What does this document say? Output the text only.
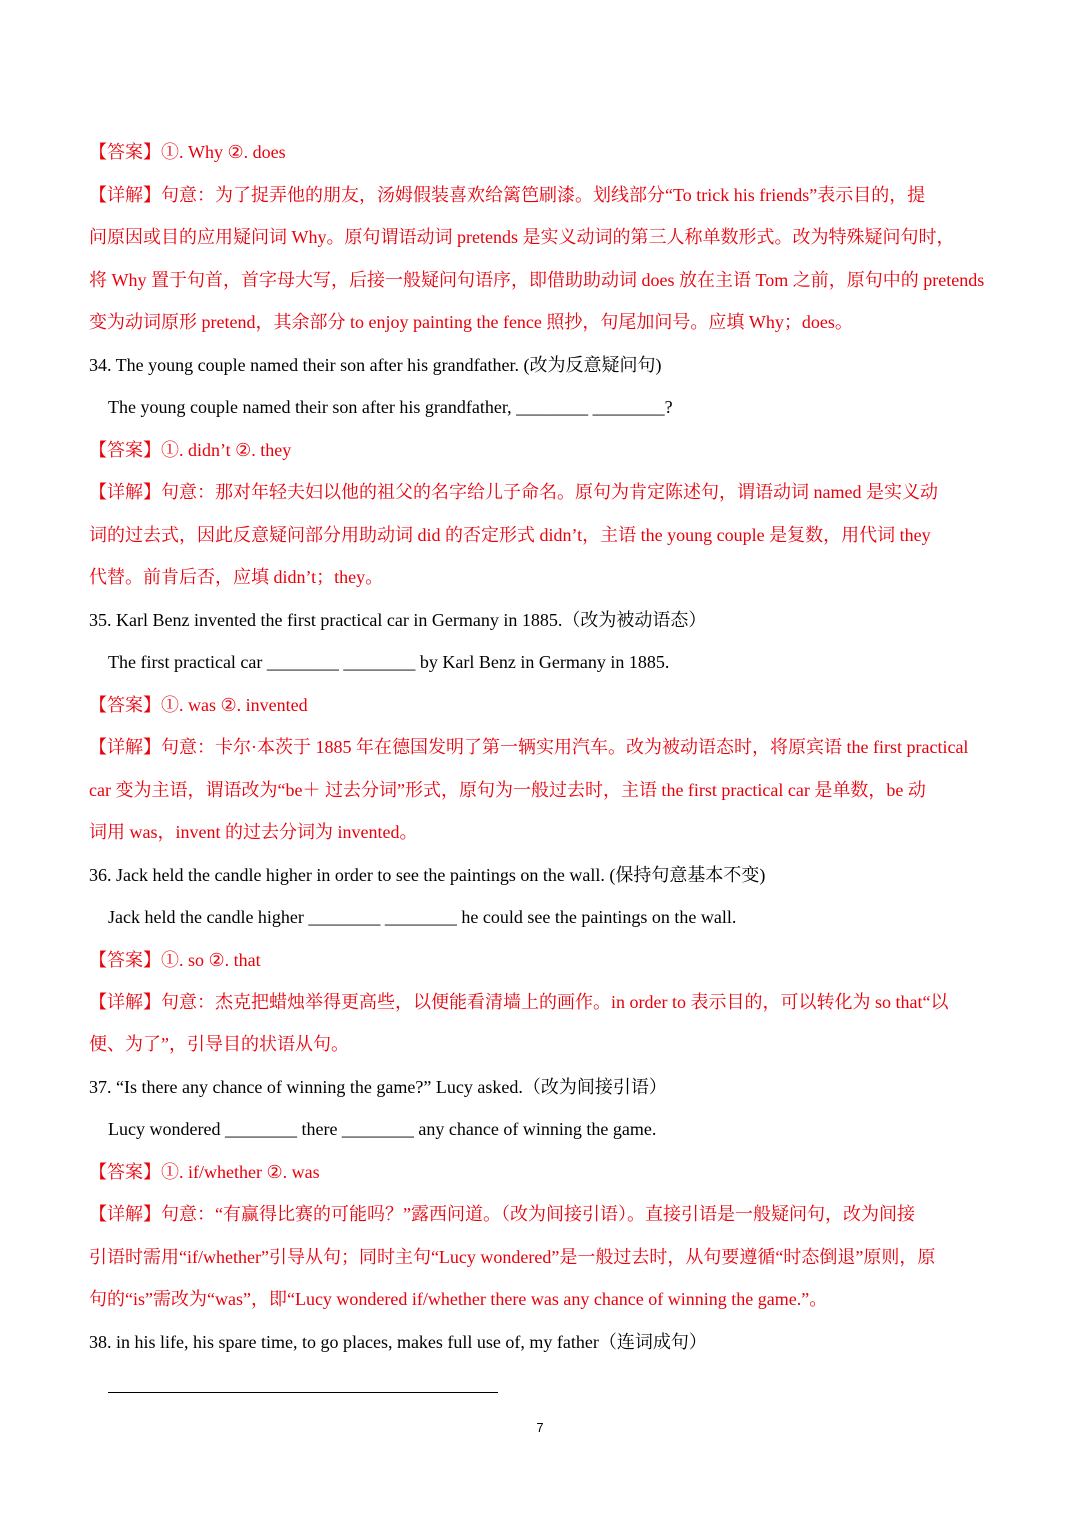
【答案】①. Why ②. does
【详解】句意：为了捉弄他的朋友，汤姆假装喜欢给篱笆刷漆。划线部分“To trick his friends”表示目的，提
问原因或目的应用疑问词 Why。原句谓语动词 pretends 是实义动词的第三人称单数形式。改为特殊疑问句时，
将 Why 置于句首，首字母大写，后接一般疑问句语序，即借助助动词 does 放在主语 Tom 之前，原句中的 pretends
变为动词原形 pretend，其余部分 to enjoy painting the fence 照抄，句尾加问号。应填 Why；does。
34. The young couple named their son after his grandfather. (改为反意疑问句)
The young couple named their son after his grandfather, ________ ________?
【答案】①. didn’t ②. they
【详解】句意：那对年轻夫妇以他的祖父的名字给儿子命名。原句为肯定陈述句，谓语动词 named 是实义动
词的过去式，因此反意疑问部分用助动词 did 的否定形式 didn’t，主语 the young couple 是复数，用代词 they
代替。前肯后否，应填 didn’t；they。
35. Karl Benz invented the first practical car in Germany in 1885.（改为被动语态）
The first practical car ________ ________ by Karl Benz in Germany in 1885.
【答案】①. was ②. invented
【详解】句意：卡尔·本茨于 1885 年在德国发明了第一辆实用汽车。改为被动语态时，将原宾语 the first practical
car 变为主语，谓语改为“be＋ 过去分词”形式，原句为一般过去时，主语 the first practical car 是单数，be 动
词用 was，invent 的过去分词为 invented。
36. Jack held the candle higher in order to see the paintings on the wall. (保持句意基本不变)
Jack held the candle higher ________ ________ he could see the paintings on the wall.
【答案】①. so ②. that
【详解】句意：杰克把蜡烛举得更高些，以便能看清墙上的画作。in order to 表示目的，可以转化为 so that“以
便、为了”，引导目的状语从句。
37. “Is there any chance of winning the game?” Lucy asked.（改为间接引语）
Lucy wondered ________ there ________ any chance of winning the game.
【答案】①. if/whether ②. was
【详解】句意：“有赢得比赛的可能吗？”露西问道。（改为间接引语）。直接引语是一般疑问句，改为间接
引语时需用“if/whether”引导从句；同时主句“Lucy wondered”是一般过去时，从句要遵循“时态倒退”原则，原
句的“is”需改为“was”，即“Lucy wondered if/whether there was any chance of winning the game.”。
38. in his life, his spare time, to go places, makes full use of, my father（连词成句）
7
